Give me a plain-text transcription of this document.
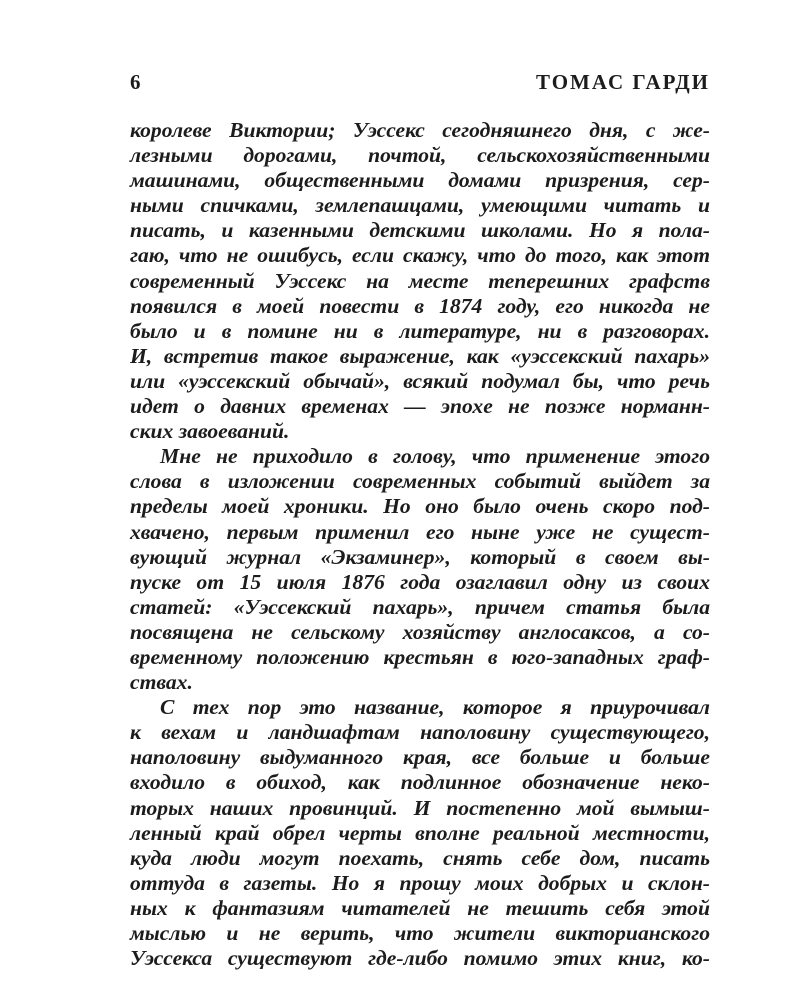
6	ТОМАС ГАРДИ
королеве Виктории; Уэссекс сегодняшнего дня, с же-
лезными дорогами, почтой, сельскохозяйственными
машинами, общественными домами призрения, сер-
ными спичками, землепашцами, умеющими читать и
писать, и казенными детскими школами. Но я пола-
гаю, что не ошибусь, если скажу, что до того, как этот
современный Уэссекс на месте теперешних графств
появился в моей повести в 1874 году, его никогда не
было и в помине ни в литературе, ни в разговорах.
И, встретив такое выражение, как «уэссекский пахарь»
или «уэссекский обычай», всякий подумал бы, что речь
идет о давних временах — эпохе не позже норманн-
ских завоеваний.
Мне не приходило в голову, что применение этого
слова в изложении современных событий выйдет за
пределы моей хроники. Но оно было очень скоро под-
хвачено, первым применил его ныне уже не сущест-
вующий журнал «Экзаминер», который в своем вы-
пуске от 15 июля 1876 года озаглавил одну из своих
статей: «Уэссекский пахарь», причем статья была
посвящена не сельскому хозяйству англосаксов, а со-
временному положению крестьян в юго-западных граф-
ствах.
С тех пор это название, которое я приурочивал
к вехам и ландшафтам наполовину существующего,
наполовину выдуманного края, все больше и больше
входило в обиход, как подлинное обозначение неко-
торых наших провинций. И постепенно мой вымыш-
ленный край обрел черты вполне реальной местности,
куда люди могут поехать, снять себе дом, писать
оттуда в газеты. Но я прошу моих добрых и склон-
ных к фантазиям читателей не тешить себя этой
мыслью и не верить, что жители викторианского
Уэссекса существуют где-либо помимо этих книг, ко-
